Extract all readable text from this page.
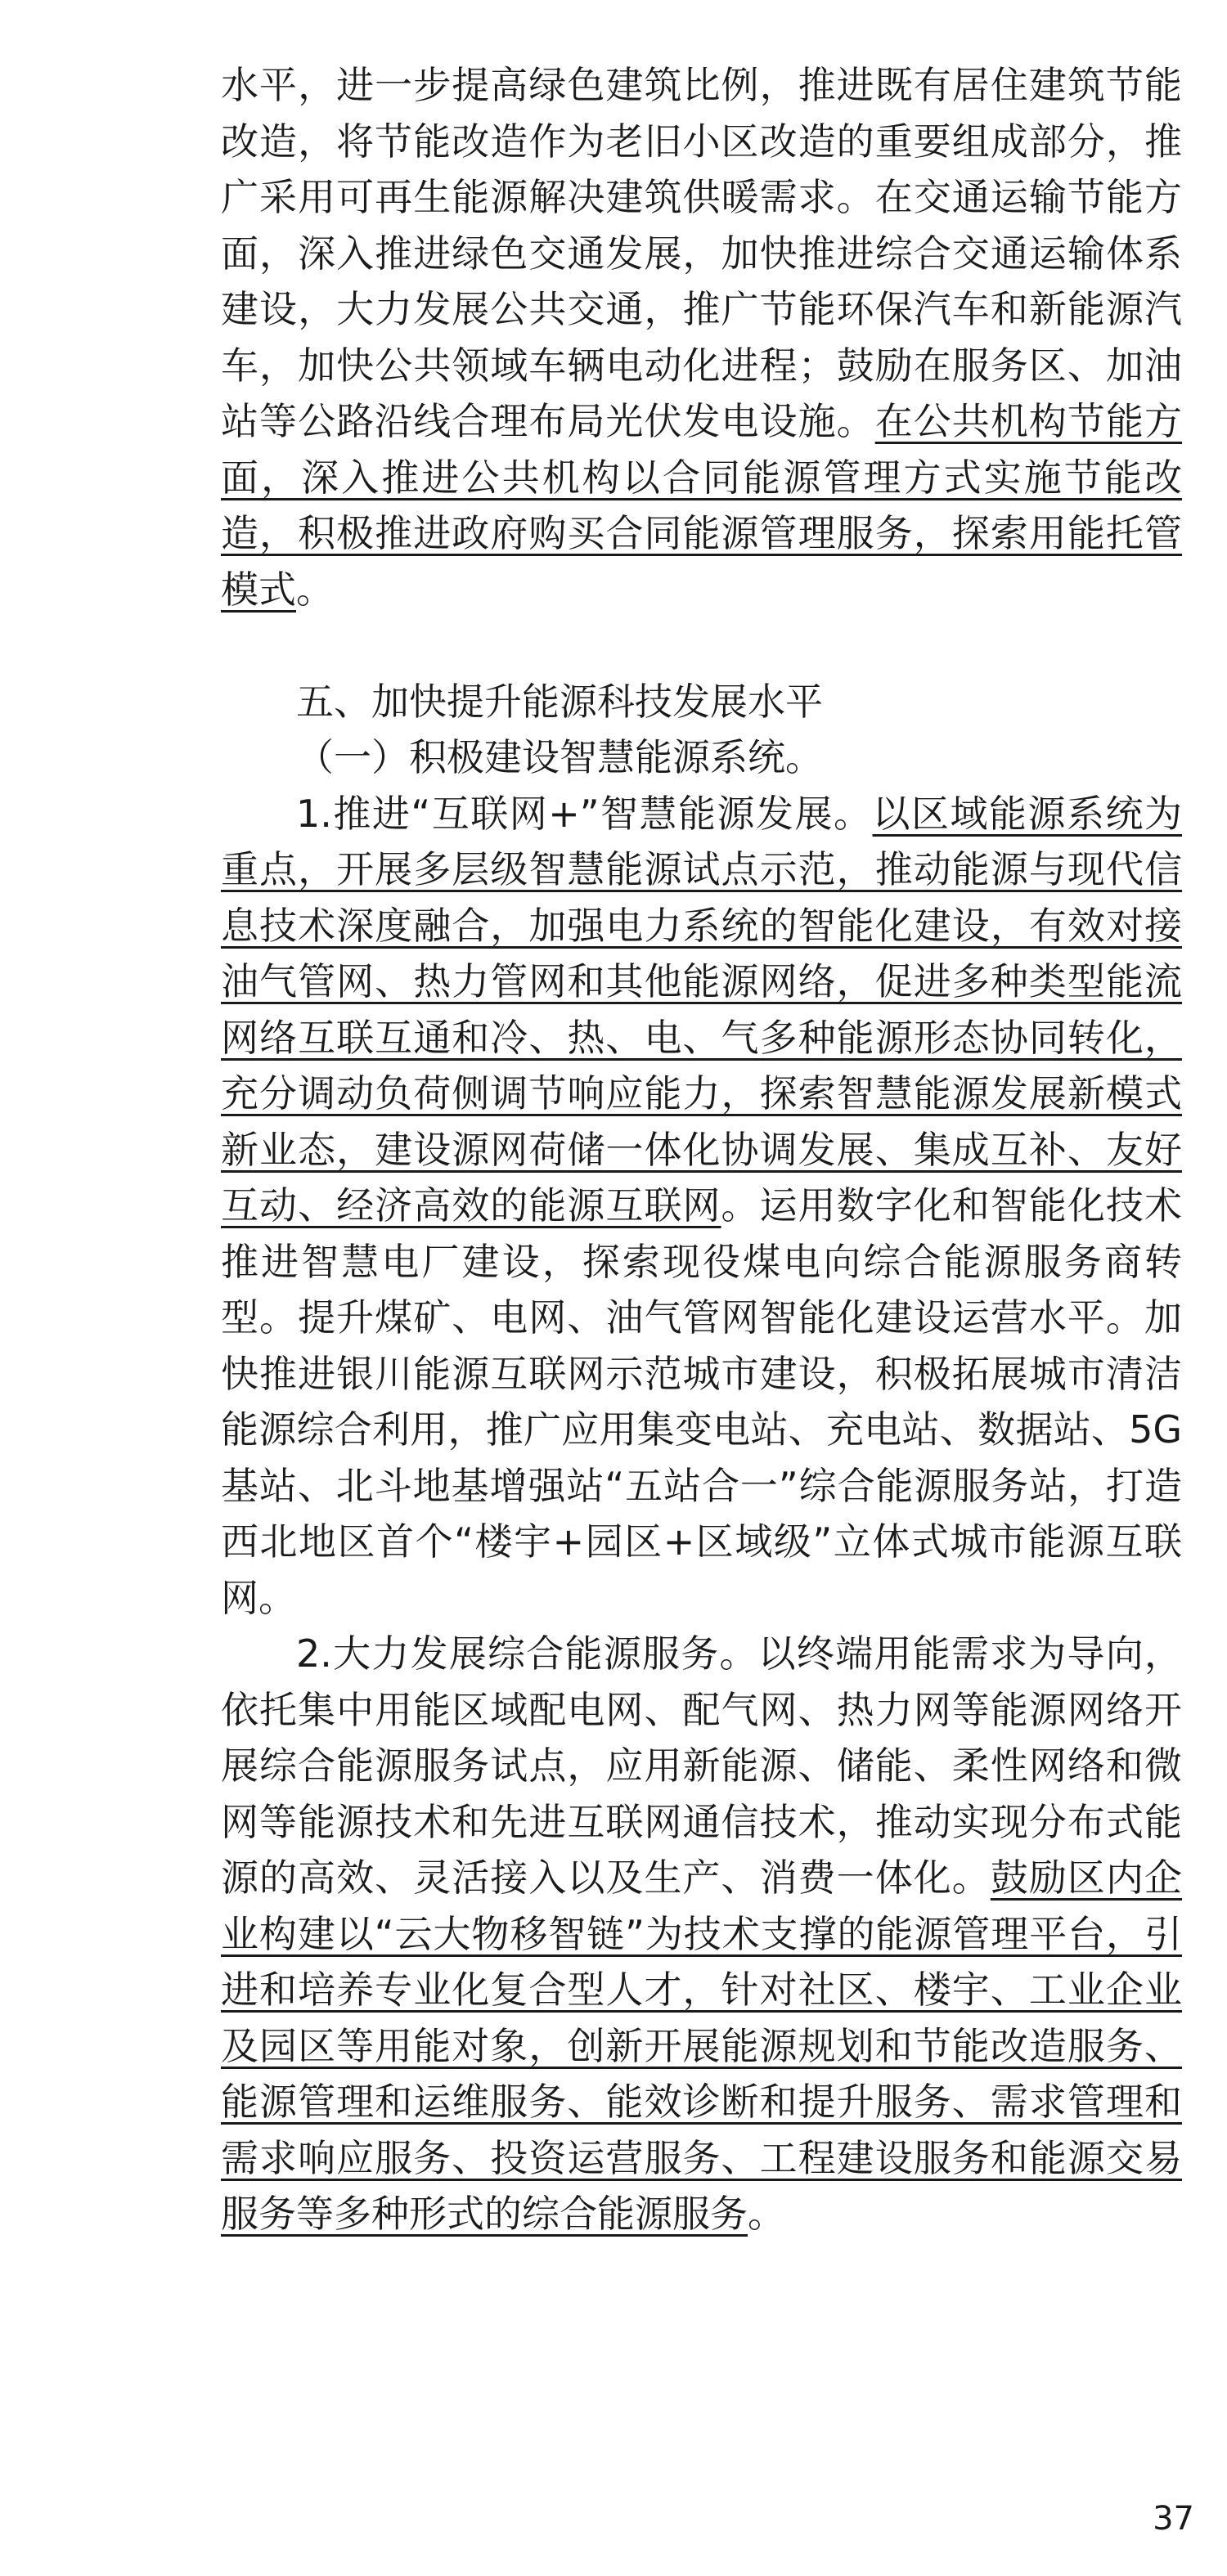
水平，进一步提高绿色建筑比例，推进既有居住建筑节能改造，将节能改造作为老旧小区改造的重要组成部分，推广采用可再生能源解决建筑供暖需求。在交通运输节能方面，深入推进绿色交通发展，加快推进综合交通运输体系建设，大力发展公共交通，推广节能环保汽车和新能源汽车，加快公共领域车辆电动化进程；鼓励在服务区、加油站等公路沿线合理布局光伏发电设施。在公共机构节能方面，深入推进公共机构以合同能源管理方式实施节能改造，积极推进政府购买合同能源管理服务，探索用能托管模式。

五、加快提升能源科技发展水平

（一）积极建设智慧能源系统。

1.推进“互联网+”智慧能源发展。以区域能源系统为重点，开展多层级智慧能源试点示范，推动能源与现代信息技术深度融合，加强电力系统的智能化建设，有效对接油气管网、热力管网和其他能源网络，促进多种类型能流网络互联互通和冷、热、电、气多种能源形态协同转化，充分调动负荷侧调节响应能力，探索智慧能源发展新模式新业态，建设源网荷储一体化协调发展、集成互补、友好互动、经济高效的能源互联网。运用数字化和智能化技术推进智慧电厂建设，探索现役煤电向综合能源服务商转型。提升煤矿、电网、油气管网智能化建设运营水平。加快推进银川能源互联网示范城市建设，积极拓展城市清洁能源综合利用，推广应用集变电站、充电站、数据站、5G基站、北斗地基增强站“五站合一”综合能源服务站，打造西北地区首个“楼宇+园区+区域级”立体式城市能源互联网。

2.大力发展综合能源服务。以终端用能需求为导向，依托集中用能区域配电网、配气网、热力网等能源网络开展综合能源服务试点，应用新能源、储能、柔性网络和微网等能源技术和先进互联网通信技术，推动实现分布式能源的高效、灵活接入以及生产、消费一体化。鼓励区内企业构建以“云大物移智链”为技术支撑的能源管理平台，引进和培养专业化复合型人才，针对社区、楼宇、工业企业及园区等用能对象，创新开展能源规划和节能改造服务、能源管理和运维服务、能效诊断和提升服务、需求管理和需求响应服务、投资运营服务、工程建设服务和能源交易服务等多种形式的综合能源服务。

37
